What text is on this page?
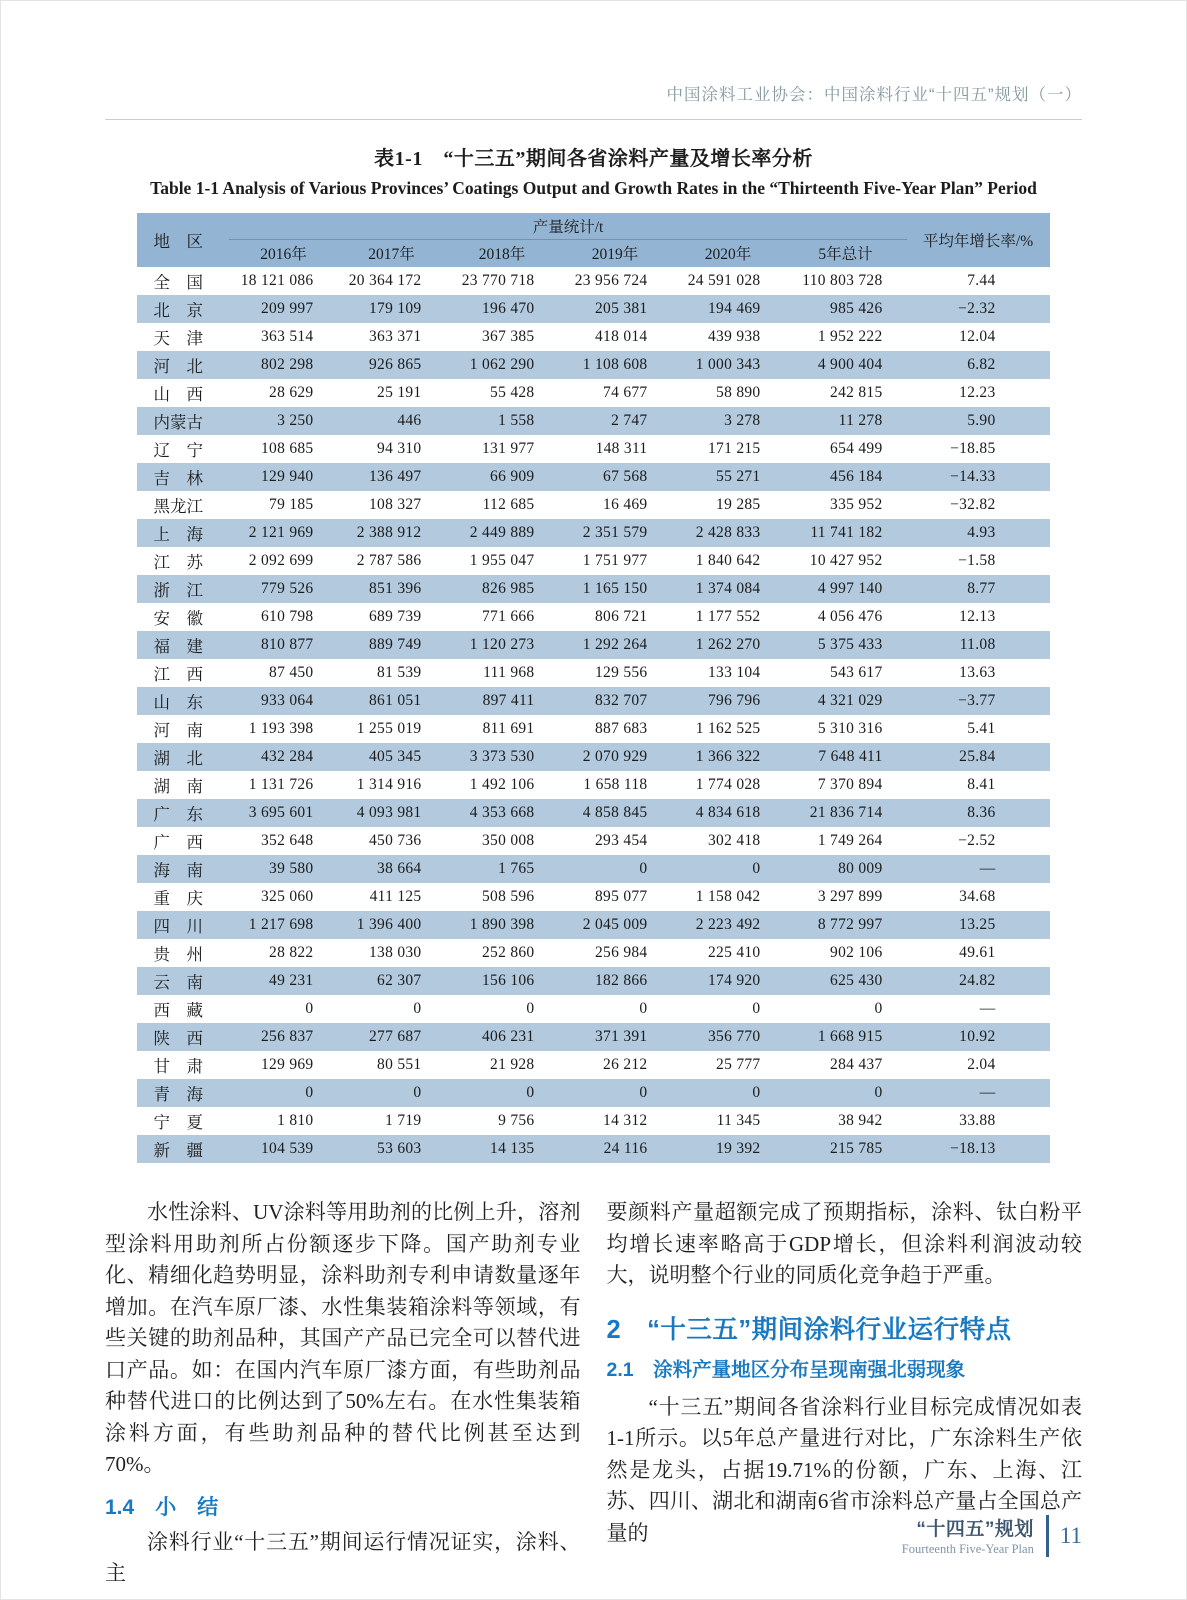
中国涂料工业协会：中国涂料行业“十四五”规划（一）
表1-1　“十三五”期间各省涂料产量及增长率分析
Table 1-1 Analysis of Various Provinces’ Coatings Output and Growth Rates in the “Thirteenth Five-Year Plan” Period
地　区	产量统计/t						平均年增长率/%
	2016年	2017年	2018年	2019年	2020年	5年总计	
全　国	18 121 086	20 364 172	23 770 718	23 956 724	24 591 028	110 803 728	7.44
北　京	209 997	179 109	196 470	205 381	194 469	985 426	−2.32
天　津	363 514	363 371	367 385	418 014	439 938	1 952 222	12.04
河　北	802 298	926 865	1 062 290	1 108 608	1 000 343	4 900 404	6.82
山　西	28 629	25 191	55 428	74 677	58 890	242 815	12.23
内蒙古	3 250	446	1 558	2 747	3 278	11 278	5.90
辽　宁	108 685	94 310	131 977	148 311	171 215	654 499	−18.85
吉　林	129 940	136 497	66 909	67 568	55 271	456 184	−14.33
黑龙江	79 185	108 327	112 685	16 469	19 285	335 952	−32.82
上　海	2 121 969	2 388 912	2 449 889	2 351 579	2 428 833	11 741 182	4.93
江　苏	2 092 699	2 787 586	1 955 047	1 751 977	1 840 642	10 427 952	−1.58
浙　江	779 526	851 396	826 985	1 165 150	1 374 084	4 997 140	8.77
安　徽	610 798	689 739	771 666	806 721	1 177 552	4 056 476	12.13
福　建	810 877	889 749	1 120 273	1 292 264	1 262 270	5 375 433	11.08
江　西	87 450	81 539	111 968	129 556	133 104	543 617	13.63
山　东	933 064	861 051	897 411	832 707	796 796	4 321 029	−3.77
河　南	1 193 398	1 255 019	811 691	887 683	1 162 525	5 310 316	5.41
湖　北	432 284	405 345	3 373 530	2 070 929	1 366 322	7 648 411	25.84
湖　南	1 131 726	1 314 916	1 492 106	1 658 118	1 774 028	7 370 894	8.41
广　东	3 695 601	4 093 981	4 353 668	4 858 845	4 834 618	21 836 714	8.36
广　西	352 648	450 736	350 008	293 454	302 418	1 749 264	−2.52
海　南	39 580	38 664	1 765	0	0	80 009	—
重　庆	325 060	411 125	508 596	895 077	1 158 042	3 297 899	34.68
四　川	1 217 698	1 396 400	1 890 398	2 045 009	2 223 492	8 772 997	13.25
贵　州	28 822	138 030	252 860	256 984	225 410	902 106	49.61
云　南	49 231	62 307	156 106	182 866	174 920	625 430	24.82
西　藏	0	0	0	0	0	0	—
陕　西	256 837	277 687	406 231	371 391	356 770	1 668 915	10.92
甘　肃	129 969	80 551	21 928	26 212	25 777	284 437	2.04
青　海	0	0	0	0	0	0	—
宁　夏	1 810	1 719	9 756	14 312	11 345	38 942	33.88
新　疆	104 539	53 603	14 135	24 116	19 392	215 785	−18.13

水性涂料、UV涂料等用助剂的比例上升，溶剂型涂料用助剂所占份额逐步下降。国产助剂专业化、精细化趋势明显，涂料助剂专利申请数量逐年增加。在汽车原厂漆、水性集装箱涂料等领域，有些关键的助剂品种，其国产产品已完全可以替代进口产品。如：在国内汽车原厂漆方面，有些助剂品种替代进口的比例达到了50%左右。在水性集装箱涂料方面，有些助剂品种的替代比例甚至达到70%。

1.4　小　结

涂料行业“十三五”期间运行情况证实，涂料、主

要颜料产量超额完成了预期指标，涂料、钛白粉平均增长速率略高于GDP增长，但涂料利润波动较大，说明整个行业的同质化竞争趋于严重。

2　“十三五”期间涂料行业运行特点
2.1　涂料产量地区分布呈现南强北弱现象

“十三五”期间各省涂料行业目标完成情况如表1-1所示。以5年总产量进行对比，广东涂料生产依然是龙头，占据19.71%的份额，广东、上海、江苏、四川、湖北和湖南6省市涂料总产量占全国总产量的	“十四五”规划
Fourteenth Five-Year Plan
11
